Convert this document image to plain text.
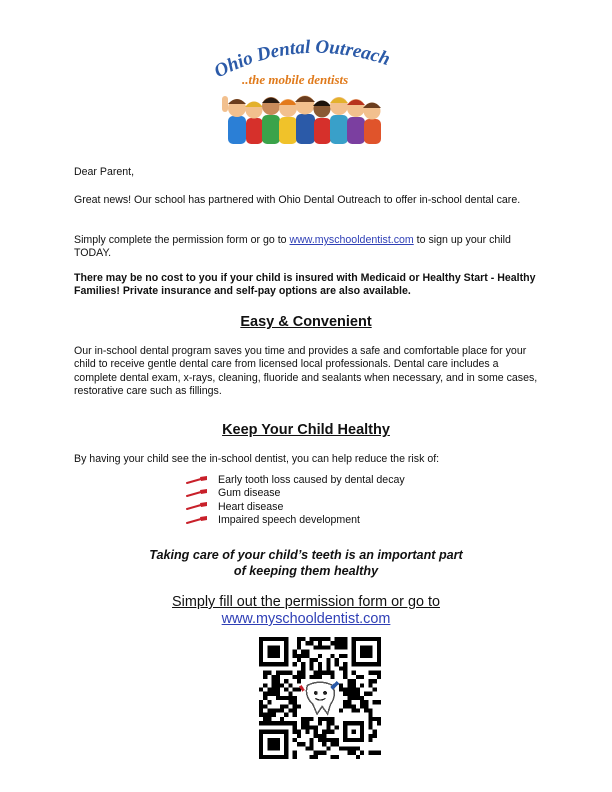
Ohio Dental Outreach
..the mobile dentists
Dear Parent,
Great news! Our school has partnered with Ohio Dental Outreach to offer in-school dental care.
Simply complete the permission form or go to www.myschooldentist.com to sign up your child TODAY.
There may be no cost to you if your child is insured with Medicaid or Healthy Start - Healthy Families! Private insurance and self-pay options are also available.
Easy & Convenient
Our in-school dental program saves you time and provides a safe and comfortable place for your child to receive gentle dental care from licensed local professionals. Dental care includes a complete dental exam, x-rays, cleaning, fluoride and sealants when necessary, and in some cases, restorative care such as fillings.
Keep Your Child Healthy
By having your child see the in-school dentist, you can help reduce the risk of:
Early tooth loss caused by dental decay
Gum disease
Heart disease
Impaired speech development
Taking care of your child’s teeth is an important part
of keeping them healthy
Simply fill out the permission form or go to
www.myschooldentist.com
